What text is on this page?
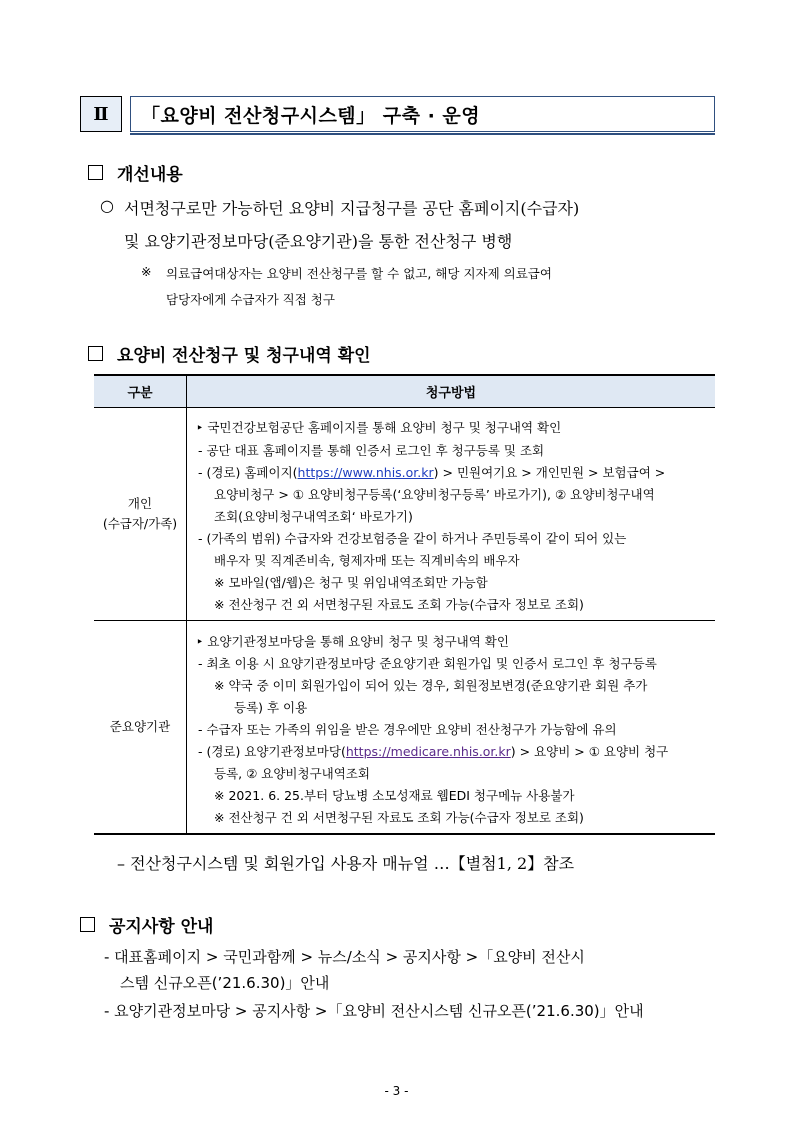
Ⅱ	「요양비 전산청구시스템」 구축 · 운영
개선내용
○ 서면청구로만 가능하던 요양비 지급청구를 공단 홈페이지(수급자)
및 요양기관정보마당(준요양기관)을 통한 전산청구 병행
※ 의료급여대상자는 요양비 전산청구를 할 수 없고, 해당 지자제 의료급여
담당자에게 수급자가 직접 청구
요양비 전산청구 및 청구내역 확인
구분	청구방법
개인
(수급자/가족)
‣ 국민건강보험공단 홈페이지를 통해 요양비 청구 및 청구내역 확인
- 공단 대표 홈페이지를 통해 인증서 로그인 후 청구등록 및 조회
- (경로) 홈페이지(https://www.nhis.or.kr) > 민원여기요 > 개인민원 > 보험급여 >
요양비청구 > ① 요양비청구등록(‘요양비청구등록’ 바로가기), ② 요양비청구내역
조회(요양비청구내역조회‘ 바로가기)
- (가족의 범위) 수급자와 건강보험증을 같이 하거나 주민등록이 같이 되어 있는
배우자 및 직계존비속, 형제자매 또는 직계비속의 배우자
※ 모바일(앱/웹)은 청구 및 위임내역조회만 가능함
※ 전산청구 건 외 서면청구된 자료도 조회 가능(수급자 정보로 조회)
준요양기관
‣ 요양기관정보마당을 통해 요양비 청구 및 청구내역 확인
- 최초 이용 시 요양기관정보마당 준요양기관 회원가입 및 인증서 로그인 후 청구등록
※ 약국 중 이미 회원가입이 되어 있는 경우, 회원정보변경(준요양기관 회원 추가
등록) 후 이용
- 수급자 또는 가족의 위임을 받은 경우에만 요양비 전산청구가 가능함에 유의
- (경로) 요양기관정보마당(https://medicare.nhis.or.kr) > 요양비 > ① 요양비 청구
등록, ② 요양비청구내역조회
※ 2021. 6. 25.부터 당뇨병 소모성재료 웹EDI 청구메뉴 사용불가
※ 전산청구 건 외 서면청구된 자료도 조회 가능(수급자 정보로 조회)
– 전산청구시스템 및 회원가입 사용자 매뉴얼 …【별첨1, 2】참조
공지사항 안내
- 대표홈페이지 > 국민과함께 > 뉴스/소식 > 공지사항 >「요양비 전산시
스템 신규오픈(’21.6.30)」안내
- 요양기관정보마당 > 공지사항 >「요양비 전산시스템 신규오픈(’21.6.30)」안내
- 3 -
